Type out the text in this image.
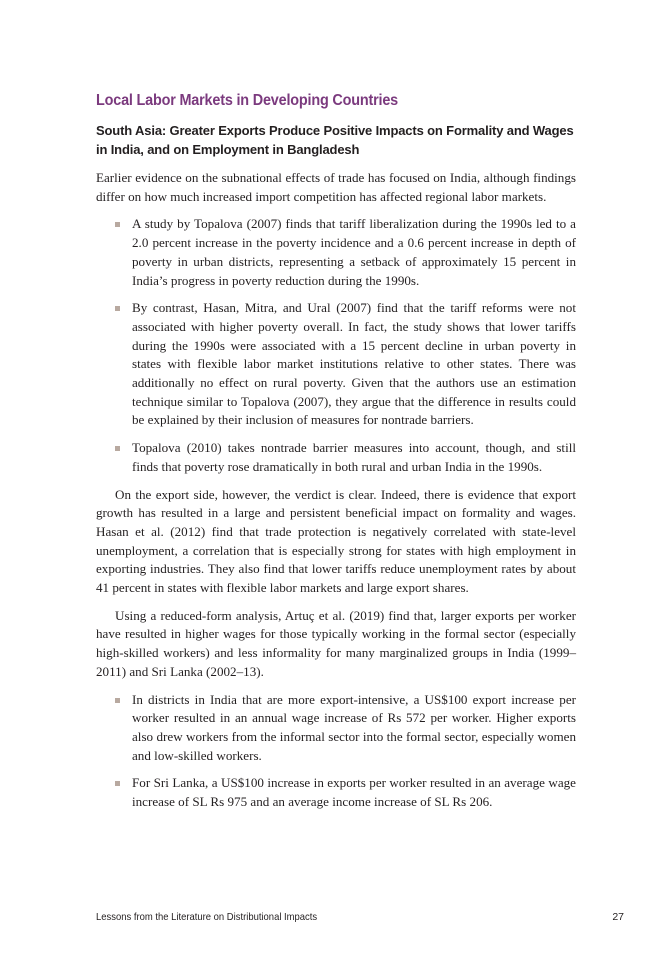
Local Labor Markets in Developing Countries
South Asia: Greater Exports Produce Positive Impacts on Formality and Wages in India, and on Employment in Bangladesh

Earlier evidence on the subnational effects of trade has focused on India, although findings differ on how much increased import competition has affected regional labor markets.

A study by Topalova (2007) finds that tariff liberalization during the 1990s led to a 2.0 percent increase in the poverty incidence and a 0.6 percent increase in depth of poverty in urban districts, representing a setback of approximately 15 percent in India’s progress in poverty reduction during the 1990s.
By contrast, Hasan, Mitra, and Ural (2007) find that the tariff reforms were not associated with higher poverty overall. In fact, the study shows that lower tariffs during the 1990s were associated with a 15 percent decline in urban poverty in states with flexible labor market institutions relative to other states. There was additionally no effect on rural poverty. Given that the authors use an estimation technique similar to Topalova (2007), they argue that the difference in results could be explained by their inclusion of measures for nontrade barriers.
Topalova (2010) takes nontrade barrier measures into account, though, and still finds that poverty rose dramatically in both rural and urban India in the 1990s.

On the export side, however, the verdict is clear. Indeed, there is evidence that export growth has resulted in a large and persistent beneficial impact on formality and wages. Hasan et al. (2012) find that trade protection is negatively correlated with state-level unemployment, a correlation that is especially strong for states with high employment in exporting industries. They also find that lower tariffs reduce unemployment rates by about 41 percent in states with flexible labor markets and large export shares.

Using a reduced-form analysis, Artuç et al. (2019) find that, larger exports per worker have resulted in higher wages for those typically working in the formal sector (especially high-skilled workers) and less informality for many marginalized groups in India (1999–2011) and Sri Lanka (2002–13).

In districts in India that are more export-intensive, a US$100 export increase per worker resulted in an annual wage increase of Rs 572 per worker. Higher exports also drew workers from the informal sector into the formal sector, especially women and low-skilled workers.
For Sri Lanka, a US$100 increase in exports per worker resulted in an average wage increase of SL Rs 975 and an average income increase of SL Rs 206.
Lessons from the Literature on Distributional Impacts	27
